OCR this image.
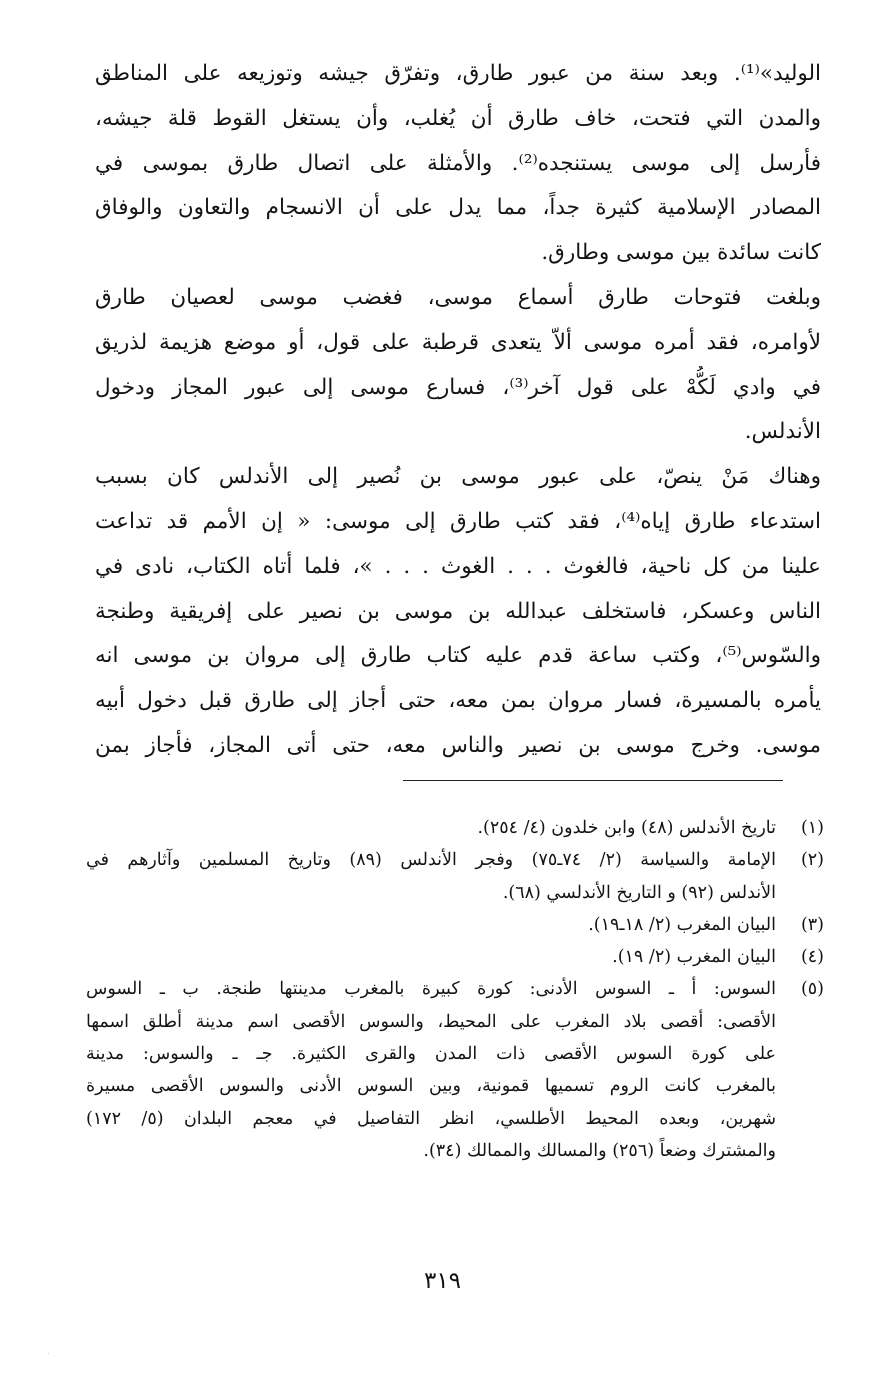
الوليد»⁽¹⁾. وبعد سنة من عبور طارق، وتفرّق جيشه وتوزيعه على المناطق
والمدن التي فتحت، خاف طارق أن يُغلب، وأن يستغل القوط قلة جيشه،
فأرسل إلى موسى يستنجده⁽²⁾. والأمثلة على اتصال طارق بموسى في
المصادر الإسلامية كثيرة جداً، مما يدل على أن الانسجام والتعاون والوفاق
كانت سائدة بين موسى وطارق.
وبلغت فتوحات طارق أسماع موسى، فغضب موسى لعصيان طارق
لأوامره، فقد أمره موسى ألاّ يتعدى قرطبة على قول، أو موضع هزيمة لذريق
في وادي لَكُّهْ على قول آخر⁽³⁾، فسارع موسى إلى عبور المجاز ودخول
الأندلس.
وهناك مَنْ ينصّ، على عبور موسى بن نُصير إلى الأندلس كان بسبب
استدعاء طارق إياه⁽⁴⁾، فقد كتب طارق إلى موسى: « إن الأمم قد تداعت
علينا من كل ناحية، فالغوث . . . الغوث . . . »، فلما أتاه الكتاب، نادى في
الناس وعسكر، فاستخلف عبدالله بن موسى بن نصير على إفريقية وطنجة
والسّوس⁽⁵⁾، وكتب ساعة قدم عليه كتاب طارق إلى مروان بن موسى انه
يأمره بالمسيرة، فسار مروان بمن معه، حتى أجاز إلى طارق قبل دخول أبيه
موسى. وخرج موسى بن نصير والناس معه، حتى أتى المجاز، فأجاز بمن
(١)
تاريخ الأندلس (٤٨) وابن خلدون (٤/ ٢٥٤).
(٢)
الإمامة والسياسة (٢/ ٧٤ـ٧٥) وفجر الأندلس (٨٩) وتاريخ المسلمين وآثارهم في
الأندلس (٩٢) و التاريخ الأندلسي (٦٨).
(٣)
البيان المغرب (٢/ ١٨ـ١٩).
(٤)
البيان المغرب (٢/ ١٩).
(٥)
السوس: أ ـ السوس الأدنى: كورة كبيرة بالمغرب مدينتها طنجة. ب ـ السوس
الأقصى: أقصى بلاد المغرب على المحيط، والسوس الأقصى اسم مدينة أطلق اسمها
على كورة السوس الأقصى ذات المدن والقرى الكثيرة. جـ ـ والسوس: مدينة
بالمغرب كانت الروم تسميها قمونية، وبين السوس الأدنى والسوس الأقصى مسيرة
شهرين، وبعده المحيط الأطلسي، انظر التفاصيل في معجم البلدان (٥/ ١٧٢)
والمشترك وضعاً (٢٥٦) والمسالك والممالك (٣٤).
٣١٩
